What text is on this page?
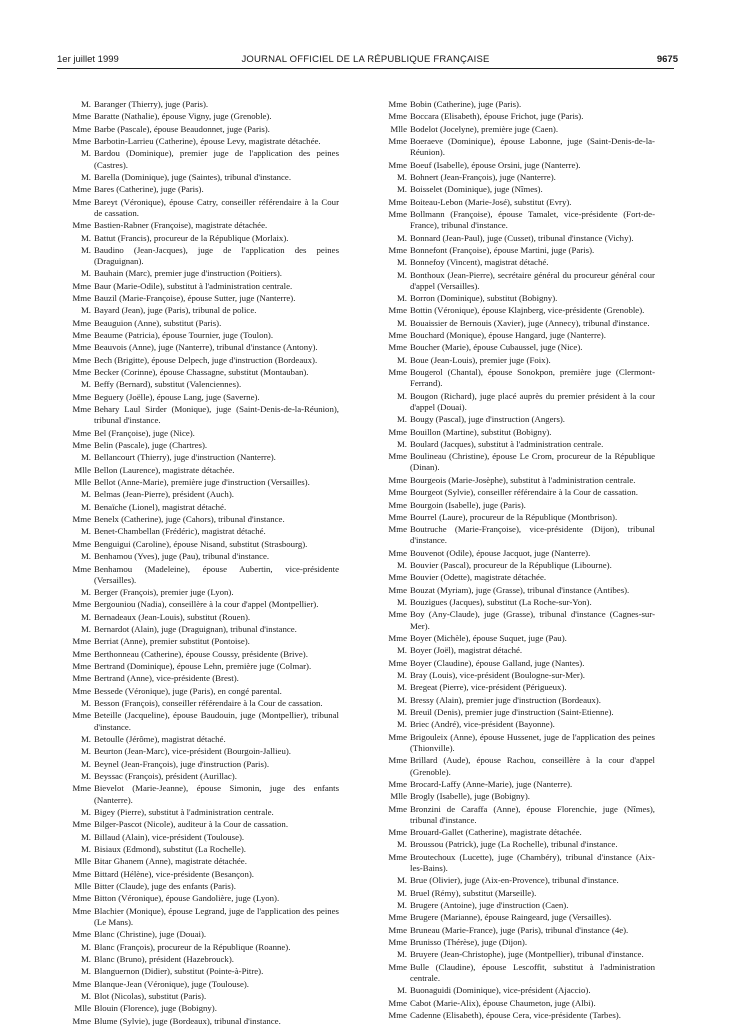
1er juillet 1999	JOURNAL OFFICIEL DE LA RÉPUBLIQUE FRANÇAISE	9675
M. Baranger (Thierry), juge (Paris).
Mme Baratte (Nathalie), épouse Vigny, juge (Grenoble).
Mme Barbe (Pascale), épouse Beaudonnet, juge (Paris).
Mme Barbotin-Larrieu (Catherine), épouse Levy, magistrate détachée.
M. Bardou (Dominique), premier juge de l'application des peines (Castres).
M. Barella (Dominique), juge (Saintes), tribunal d'instance.
Mme Bares (Catherine), juge (Paris).
Mme Bareyt (Véronique), épouse Catry, conseiller référendaire à la Cour de cassation.
Mme Bastien-Rabner (Françoise), magistrate détachée.
M. Battut (Francis), procureur de la République (Morlaix).
M. Baudino (Jean-Jacques), juge de l'application des peines (Draguignan).
M. Bauhain (Marc), premier juge d'instruction (Poitiers).
Mme Baur (Marie-Odile), substitut à l'administration centrale.
Mme Bauzil (Marie-Françoise), épouse Sutter, juge (Nanterre).
M. Bayard (Jean), juge (Paris), tribunal de police.
Mme Beauguion (Anne), substitut (Paris).
Mme Beaume (Patricia), épouse Tournier, juge (Toulon).
Mme Beauvois (Anne), juge (Nanterre), tribunal d'instance (Antony).
Mme Bech (Brigitte), épouse Delpech, juge d'instruction (Bordeaux).
Mme Becker (Corinne), épouse Chassagne, substitut (Montauban).
M. Beffy (Bernard), substitut (Valenciennes).
Mme Beguery (Joëlle), épouse Lang, juge (Saverne).
Mme Behary Laul Sirder (Monique), juge (Saint-Denis-de-la-Réunion), tribunal d'instance.
Mme Bel (Françoise), juge (Nice).
Mme Belin (Pascale), juge (Chartres).
M. Bellancourt (Thierry), juge d'instruction (Nanterre).
Mlle Bellon (Laurence), magistrate détachée.
Mlle Bellot (Anne-Marie), première juge d'instruction (Versailles).
M. Belmas (Jean-Pierre), président (Auch).
M. Benaïche (Lionel), magistrat détaché.
Mme Benelx (Catherine), juge (Cahors), tribunal d'instance.
M. Benet-Chambellan (Frédéric), magistrat détaché.
Mme Benguigui (Caroline), épouse Nisand, substitut (Strasbourg).
M. Benhamou (Yves), juge (Pau), tribunal d'instance.
Mme Benhamou (Madeleine), épouse Aubertin, vice-présidente (Versailles).
M. Berger (François), premier juge (Lyon).
Mme Bergouniou (Nadia), conseillère à la cour d'appel (Montpellier).
M. Bernadeaux (Jean-Louis), substitut (Rouen).
M. Bernardot (Alain), juge (Draguignan), tribunal d'instance.
Mme Berriat (Anne), premier substitut (Pontoise).
Mme Berthonneau (Catherine), épouse Coussy, présidente (Brive).
Mme Bertrand (Dominique), épouse Lehn, première juge (Colmar).
Mme Bertrand (Anne), vice-présidente (Brest).
Mme Bessede (Véronique), juge (Paris), en congé parental.
M. Besson (François), conseiller référendaire à la Cour de cassation.
Mme Beteille (Jacqueline), épouse Baudouin, juge (Montpellier), tribunal d'instance.
M. Betoulle (Jérôme), magistrat détaché.
M. Beurton (Jean-Marc), vice-président (Bourgoin-Jallieu).
M. Beynel (Jean-François), juge d'instruction (Paris).
M. Beyssac (François), président (Aurillac).
Mme Bievelot (Marie-Jeanne), épouse Simonin, juge des enfants (Nanterre).
M. Bigey (Pierre), substitut à l'administration centrale.
Mme Bilger-Pascot (Nicole), auditeur à la Cour de cassation.
M. Billaud (Alain), vice-président (Toulouse).
M. Bisiaux (Edmond), substitut (La Rochelle).
Mlle Bitar Ghanem (Anne), magistrate détachée.
Mme Bittard (Hélène), vice-présidente (Besançon).
Mlle Bitter (Claude), juge des enfants (Paris).
Mme Bitton (Véronique), épouse Gandolière, juge (Lyon).
Mme Blachier (Monique), épouse Legrand, juge de l'application des peines (Le Mans).
Mme Blanc (Christine), juge (Douai).
M. Blanc (François), procureur de la République (Roanne).
M. Blanc (Bruno), président (Hazebrouck).
M. Blanguernon (Didier), substitut (Pointe-à-Pitre).
Mme Blanque-Jean (Véronique), juge (Toulouse).
M. Blot (Nicolas), substitut (Paris).
Mlle Blouin (Florence), juge (Bobigny).
Mme Blume (Sylvie), juge (Bordeaux), tribunal d'instance.
Mme Bobin (Catherine), juge (Paris).
Mme Boccara (Elisabeth), épouse Frichot, juge (Paris).
Mlle Bodelot (Jocelyne), première juge (Caen).
Mme Boeraeve (Dominique), épouse Labonne, juge (Saint-Denis-de-la-Réunion).
Mme Boeuf (Isabelle), épouse Orsini, juge (Nanterre).
M. Bohnert (Jean-François), juge (Nanterre).
M. Boisselet (Dominique), juge (Nîmes).
Mme Boiteau-Lebon (Marie-José), substitut (Evry).
Mme Bollmann (Françoise), épouse Tamalet, vice-présidente (Fort-de-France), tribunal d'instance.
M. Bonnard (Jean-Paul), juge (Cusset), tribunal d'instance (Vichy).
Mme Bonnefont (Françoise), épouse Martini, juge (Paris).
M. Bonnefoy (Vincent), magistrat détaché.
M. Bonthoux (Jean-Pierre), secrétaire général du procureur général cour d'appel (Versailles).
M. Borron (Dominique), substitut (Bobigny).
Mme Bottin (Véronique), épouse Klajnberg, vice-présidente (Grenoble).
M. Bouaissier de Bernouis (Xavier), juge (Annecy), tribunal d'instance.
Mme Bouchard (Monique), épouse Hangard, juge (Nanterre).
Mme Boucher (Marie), épouse Cubaussel, juge (Nice).
M. Boue (Jean-Louis), premier juge (Foix).
Mme Bougerol (Chantal), épouse Sonokpon, première juge (Clermont-Ferrand).
M. Bougon (Richard), juge placé auprès du premier président à la cour d'appel (Douai).
M. Bougy (Pascal), juge d'instruction (Angers).
Mme Bouillon (Martine), substitut (Bobigny).
M. Boulard (Jacques), substitut à l'administration centrale.
Mme Boulineau (Christine), épouse Le Crom, procureur de la République (Dinan).
Mme Bourgeois (Marie-Josèphe), substitut à l'administration centrale.
Mme Bourgeot (Sylvie), conseiller référendaire à la Cour de cassation.
Mme Bourgoin (Isabelle), juge (Paris).
Mme Bourrel (Laure), procureur de la République (Montbrison).
Mme Boutruche (Marie-Françoise), vice-présidente (Dijon), tribunal d'instance.
Mme Bouvenot (Odile), épouse Jacquot, juge (Nanterre).
M. Bouvier (Pascal), procureur de la République (Libourne).
Mme Bouvier (Odette), magistrate détachée.
Mme Bouzat (Myriam), juge (Grasse), tribunal d'instance (Antibes).
M. Bouzigues (Jacques), substitut (La Roche-sur-Yon).
Mme Boy (Any-Claude), juge (Grasse), tribunal d'instance (Cagnes-sur-Mer).
Mme Boyer (Michèle), épouse Suquet, juge (Pau).
M. Boyer (Joël), magistrat détaché.
Mme Boyer (Claudine), épouse Galland, juge (Nantes).
M. Bray (Louis), vice-président (Boulogne-sur-Mer).
M. Bregeat (Pierre), vice-président (Périgueux).
M. Bressy (Alain), premier juge d'instruction (Bordeaux).
M. Breuil (Denis), premier juge d'instruction (Saint-Etienne).
M. Briec (André), vice-président (Bayonne).
Mme Brigouleix (Anne), épouse Hussenet, juge de l'application des peines (Thionville).
Mme Brillard (Aude), épouse Rachou, conseillère à la cour d'appel (Grenoble).
Mme Brocard-Laffy (Anne-Marie), juge (Nanterre).
Mlle Brogly (Isabelle), juge (Bobigny).
Mme Bronzini de Caraffa (Anne), épouse Florenchie, juge (Nîmes), tribunal d'instance.
Mme Brouard-Gallet (Catherine), magistrate détachée.
M. Broussou (Patrick), juge (La Rochelle), tribunal d'instance.
Mme Broutechoux (Lucette), juge (Chambéry), tribunal d'instance (Aix-les-Bains).
M. Brue (Olivier), juge (Aix-en-Provence), tribunal d'instance.
M. Bruel (Rémy), substitut (Marseille).
M. Brugere (Antoine), juge d'instruction (Caen).
Mme Brugere (Marianne), épouse Raingeard, juge (Versailles).
Mme Bruneau (Marie-France), juge (Paris), tribunal d'instance (4e).
Mme Brunisso (Thérèse), juge (Dijon).
M. Bruyere (Jean-Christophe), juge (Montpellier), tribunal d'instance.
Mme Bulle (Claudine), épouse Lescoffit, substitut à l'administration centrale.
M. Buonaguidi (Dominique), vice-président (Ajaccio).
Mme Cabot (Marie-Alix), épouse Chaumeton, juge (Albi).
Mme Cadenne (Elisabeth), épouse Cera, vice-présidente (Tarbes).
